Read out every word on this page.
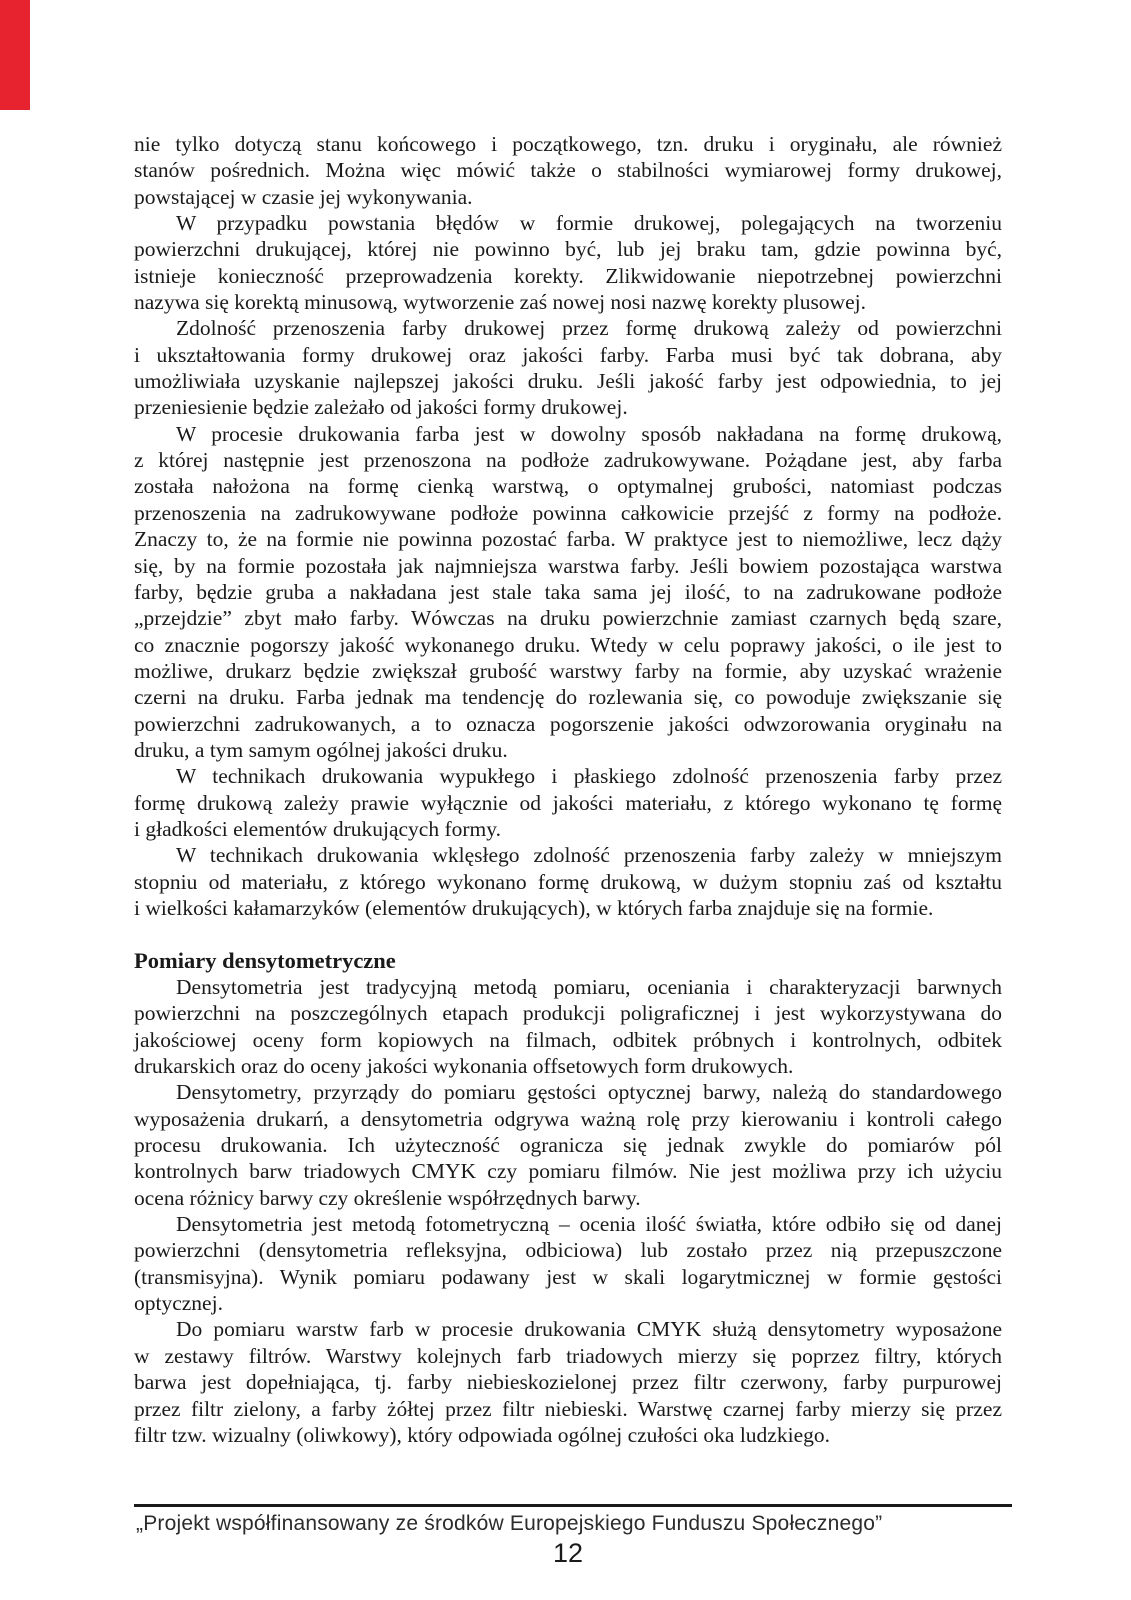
nie tylko dotyczą stanu końcowego i początkowego, tzn. druku i oryginału, ale również
stanów pośrednich. Można więc mówić także o stabilności wymiarowej formy drukowej,
powstającej w czasie jej wykonywania.
W przypadku powstania błędów w formie drukowej, polegających na tworzeniu
powierzchni drukującej, której nie powinno być, lub jej braku tam, gdzie powinna być,
istnieje konieczność przeprowadzenia korekty. Zlikwidowanie niepotrzebnej powierzchni
nazywa się korektą minusową, wytworzenie zaś nowej nosi nazwę korekty plusowej.
Zdolność przenoszenia farby drukowej przez formę drukową zależy od powierzchni
i ukształtowania formy drukowej oraz jakości farby. Farba musi być tak dobrana, aby
umożliwiała uzyskanie najlepszej jakości druku. Jeśli jakość farby jest odpowiednia, to jej
przeniesienie będzie zależało od jakości formy drukowej.
W procesie drukowania farba jest w dowolny sposób nakładana na formę drukową,
z której następnie jest przenoszona na podłoże zadrukowywane. Pożądane jest, aby farba
została nałożona na formę cienką warstwą, o optymalnej grubości, natomiast podczas
przenoszenia na zadrukowywane podłoże powinna całkowicie przejść z formy na podłoże.
Znaczy to, że na formie nie powinna pozostać farba. W praktyce jest to niemożliwe, lecz dąży
się, by na formie pozostała jak najmniejsza warstwa farby. Jeśli bowiem pozostająca warstwa
farby, będzie gruba a nakładana jest stale taka sama jej ilość, to na zadrukowane podłoże
„przejdzie” zbyt mało farby. Wówczas na druku powierzchnie zamiast czarnych będą szare,
co znacznie pogorszy jakość wykonanego druku. Wtedy w celu poprawy jakości, o ile jest to
możliwe, drukarz będzie zwiększał grubość warstwy farby na formie, aby uzyskać wrażenie
czerni na druku. Farba jednak ma tendencję do rozlewania się, co powoduje zwiększanie się
powierzchni zadrukowanych, a to oznacza pogorszenie jakości odwzorowania oryginału na
druku, a tym samym ogólnej jakości druku.
W technikach drukowania wypukłego i płaskiego zdolność przenoszenia farby przez
formę drukową zależy prawie wyłącznie od jakości materiału, z którego wykonano tę formę
i gładkości elementów drukujących formy.
W technikach drukowania wklęsłego zdolność przenoszenia farby zależy w mniejszym
stopniu od materiału, z którego wykonano formę drukową, w dużym stopniu zaś od kształtu
i wielkości kałamarzyków (elementów drukujących), w których farba znajduje się na formie.
Pomiary densytometryczne
Densytometria jest tradycyjną metodą pomiaru, oceniania i charakteryzacji barwnych
powierzchni na poszczególnych etapach produkcji poligraficznej i jest wykorzystywana do
jakościowej oceny form kopiowych na filmach, odbitek próbnych i kontrolnych, odbitek
drukarskich oraz do oceny jakości wykonania offsetowych form drukowych.
Densytometry, przyrządy do pomiaru gęstości optycznej barwy, należą do standardowego
wyposażenia drukarń, a densytometria odgrywa ważną rolę przy kierowaniu i kontroli całego
procesu drukowania. Ich użyteczność ogranicza się jednak zwykle do pomiarów pól
kontrolnych barw triadowych CMYK czy pomiaru filmów. Nie jest możliwa przy ich użyciu
ocena różnicy barwy czy określenie współrzędnych barwy.
Densytometria jest metodą fotometryczną – ocenia ilość światła, które odbiło się od danej
powierzchni (densytometria refleksyjna, odbiciowa) lub zostało przez nią przepuszczone
(transmisyjna). Wynik pomiaru podawany jest w skali logarytmicznej w formie gęstości
optycznej.
Do pomiaru warstw farb w procesie drukowania CMYK służą densytometry wyposażone
w zestawy filtrów. Warstwy kolejnych farb triadowych mierzy się poprzez filtry, których
barwa jest dopełniająca, tj. farby niebieskozielonej przez filtr czerwony, farby purpurowej
przez filtr zielony, a farby żółtej przez filtr niebieski. Warstwę czarnej farby mierzy się przez
filtr tzw. wizualny (oliwkowy), który odpowiada ogólnej czułości oka ludzkiego.
„Projekt współfinansowany ze środków Europejskiego Funduszu Społecznego”
12
